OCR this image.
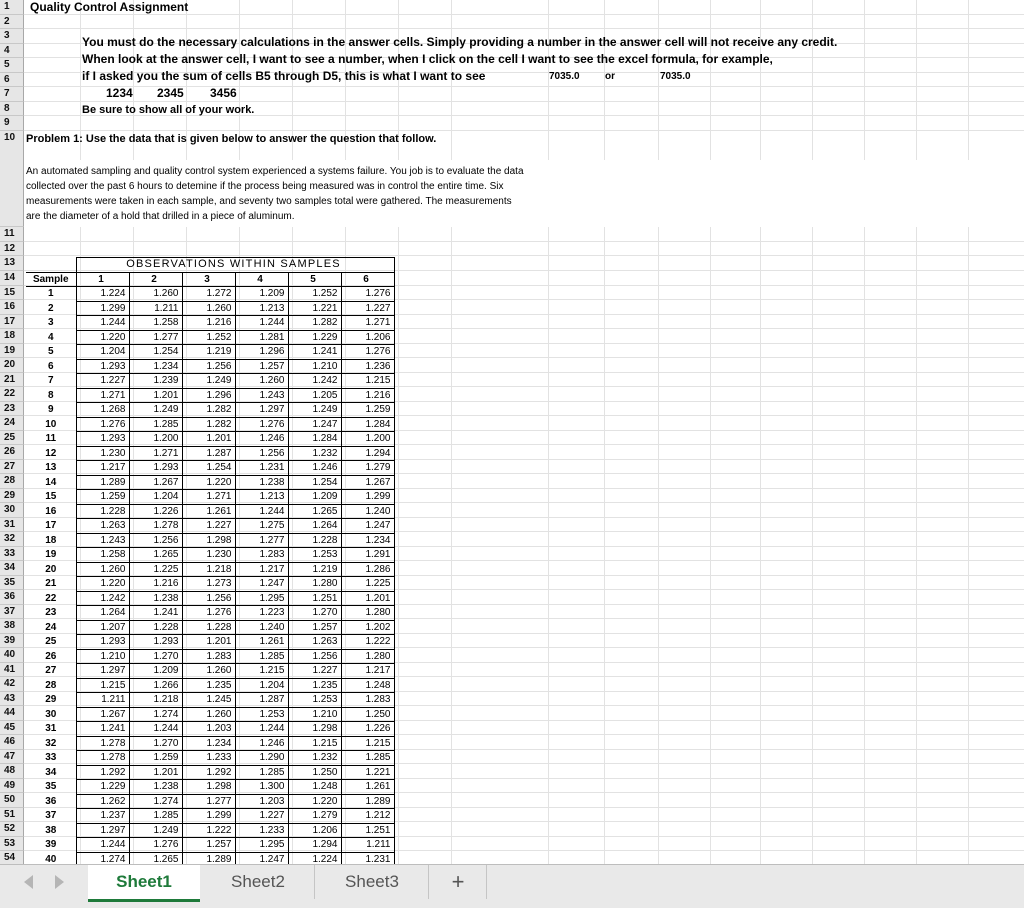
1
2
3
4
5
6
7
8
9
10
11
12
13
14
15
16
17
18
19
20
21
22
23
24
25
26
27
28
29
30
31
32
33
34
35
36
37
38
39
40
41
42
43
44
45
46
47
48
49
50
51
52
53
54
Quality Control Assignment
You must do the necessary calculations in the answer cells. Simply providing a number in the answer cell will not receive any credit.
When look at the answer cell, I want to see a number, when I click on the cell I want to see the excel formula, for example,
if I asked you the sum of cells B5 through D5, this is what I want to see	7035.0	or	7035.0
1234 2345 3456
Be sure to show all of your work.
Problem 1: Use the data that is given below to answer the question that follow.

An automated sampling and quality control system experienced a systems failure. You job is to evaluate the data collected over the past 6 hours to detemine if the process being measured was in control the entire time. Six measurements were taken in each sample, and seventy two samples total were gathered. The measurements are the diameter of a hold that drilled in a piece of aluminum.

	OBSERVATIONS WITHIN SAMPLES					
Sample	1	2	3	4	5	6
1	1.224	1.260	1.272	1.209	1.252	1.276
2	1.299	1.211	1.260	1.213	1.221	1.227
3	1.244	1.258	1.216	1.244	1.282	1.271
4	1.220	1.277	1.252	1.281	1.229	1.206
5	1.204	1.254	1.219	1.296	1.241	1.276
6	1.293	1.234	1.256	1.257	1.210	1.236
7	1.227	1.239	1.249	1.260	1.242	1.215
8	1.271	1.201	1.296	1.243	1.205	1.216
9	1.268	1.249	1.282	1.297	1.249	1.259
10	1.276	1.285	1.282	1.276	1.247	1.284
11	1.293	1.200	1.201	1.246	1.284	1.200
12	1.230	1.271	1.287	1.256	1.232	1.294
13	1.217	1.293	1.254	1.231	1.246	1.279
14	1.289	1.267	1.220	1.238	1.254	1.267
15	1.259	1.204	1.271	1.213	1.209	1.299
16	1.228	1.226	1.261	1.244	1.265	1.240
17	1.263	1.278	1.227	1.275	1.264	1.247
18	1.243	1.256	1.298	1.277	1.228	1.234
19	1.258	1.265	1.230	1.283	1.253	1.291
20	1.260	1.225	1.218	1.217	1.219	1.286
21	1.220	1.216	1.273	1.247	1.280	1.225
22	1.242	1.238	1.256	1.295	1.251	1.201
23	1.264	1.241	1.276	1.223	1.270	1.280
24	1.207	1.228	1.228	1.240	1.257	1.202
25	1.293	1.293	1.201	1.261	1.263	1.222
26	1.210	1.270	1.283	1.285	1.256	1.280
27	1.297	1.209	1.260	1.215	1.227	1.217
28	1.215	1.266	1.235	1.204	1.235	1.248
29	1.211	1.218	1.245	1.287	1.253	1.283
30	1.267	1.274	1.260	1.253	1.210	1.250
31	1.241	1.244	1.203	1.244	1.298	1.226
32	1.278	1.270	1.234	1.246	1.215	1.215
33	1.278	1.259	1.233	1.290	1.232	1.285
34	1.292	1.201	1.292	1.285	1.250	1.221
35	1.229	1.238	1.298	1.300	1.248	1.261
36	1.262	1.274	1.277	1.203	1.220	1.289
37	1.237	1.285	1.299	1.227	1.279	1.212
38	1.297	1.249	1.222	1.233	1.206	1.251
39	1.244	1.276	1.257	1.295	1.294	1.211
40	1.274	1.265	1.289	1.247	1.224	1.231
Sheet1	Sheet2	Sheet3	+
